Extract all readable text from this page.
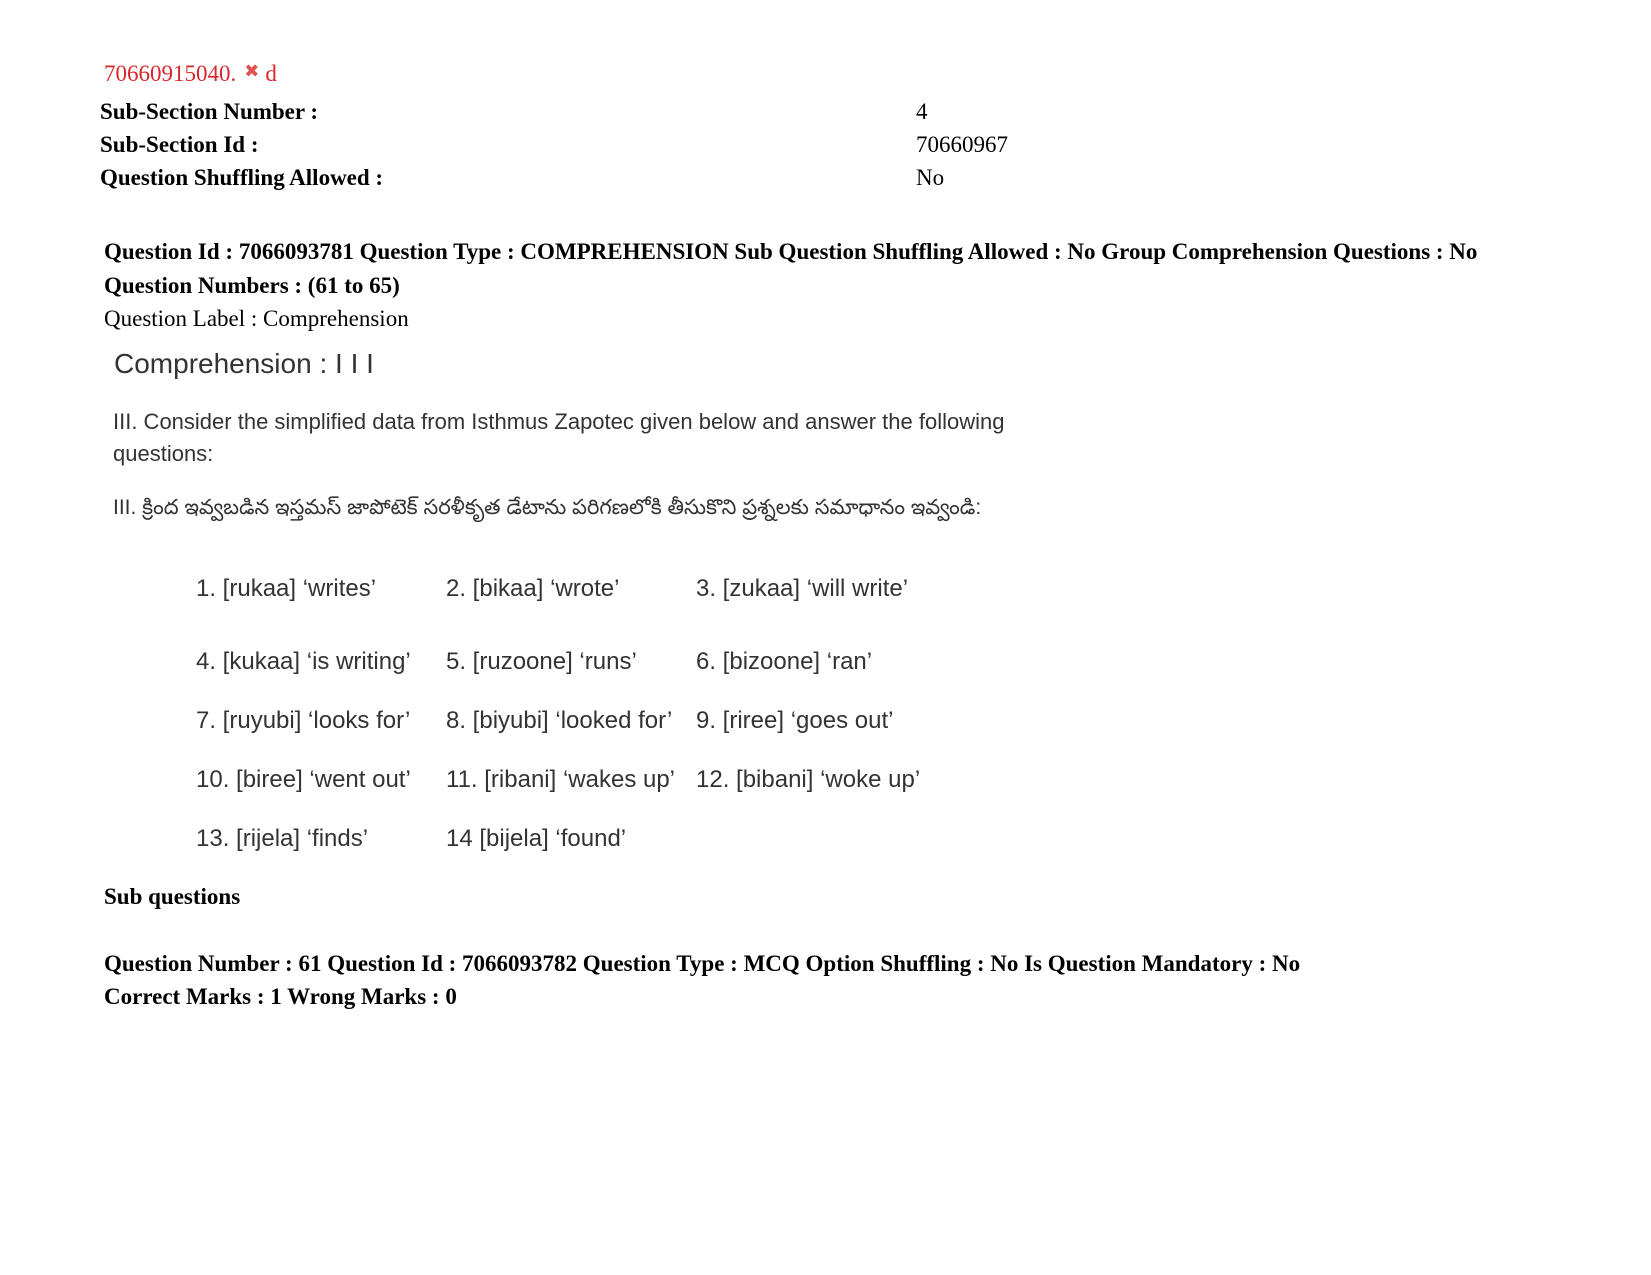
70660915040. ✖ d
Sub-Section Number :	4
Sub-Section Id :	70660967
Question Shuffling Allowed :	No
Question Id : 7066093781 Question Type : COMPREHENSION Sub Question Shuffling Allowed : No Group Comprehension Questions : No
Question Numbers : (61 to 65)
Question Label : Comprehension
Comprehension : I I I
III. Consider the simplified data from Isthmus Zapotec given below and answer the following
questions:
III. క్రింద ఇవ్వబడిన ఇస్తమస్ జాపోటెక్ సరళీకృత డేటాను పరిగణలోకి తీసుకొని ప్రశ్నలకు సమాధానం ఇవ్వండి:
1. [rukaa] ‘writes’	2. [bikaa] ‘wrote’	3. [zukaa] ‘will write’
4. [kukaa] ‘is writing’ 5. [ruzoone] ‘runs’ 6. [bizoone] ‘ran’
7. [ruyubi] ‘looks for’ 8. [biyubi] ‘looked for’ 9. [riree] ‘goes out’
10. [biree] ‘went out’ 11. [ribani] ‘wakes up’ 12. [bibani] ‘woke up’
13. [rijela] ‘finds’	14 [bijela] ‘found’
Sub questions
Question Number : 61 Question Id : 7066093782 Question Type : MCQ Option Shuffling : No Is Question Mandatory : No
Correct Marks : 1 Wrong Marks : 0
